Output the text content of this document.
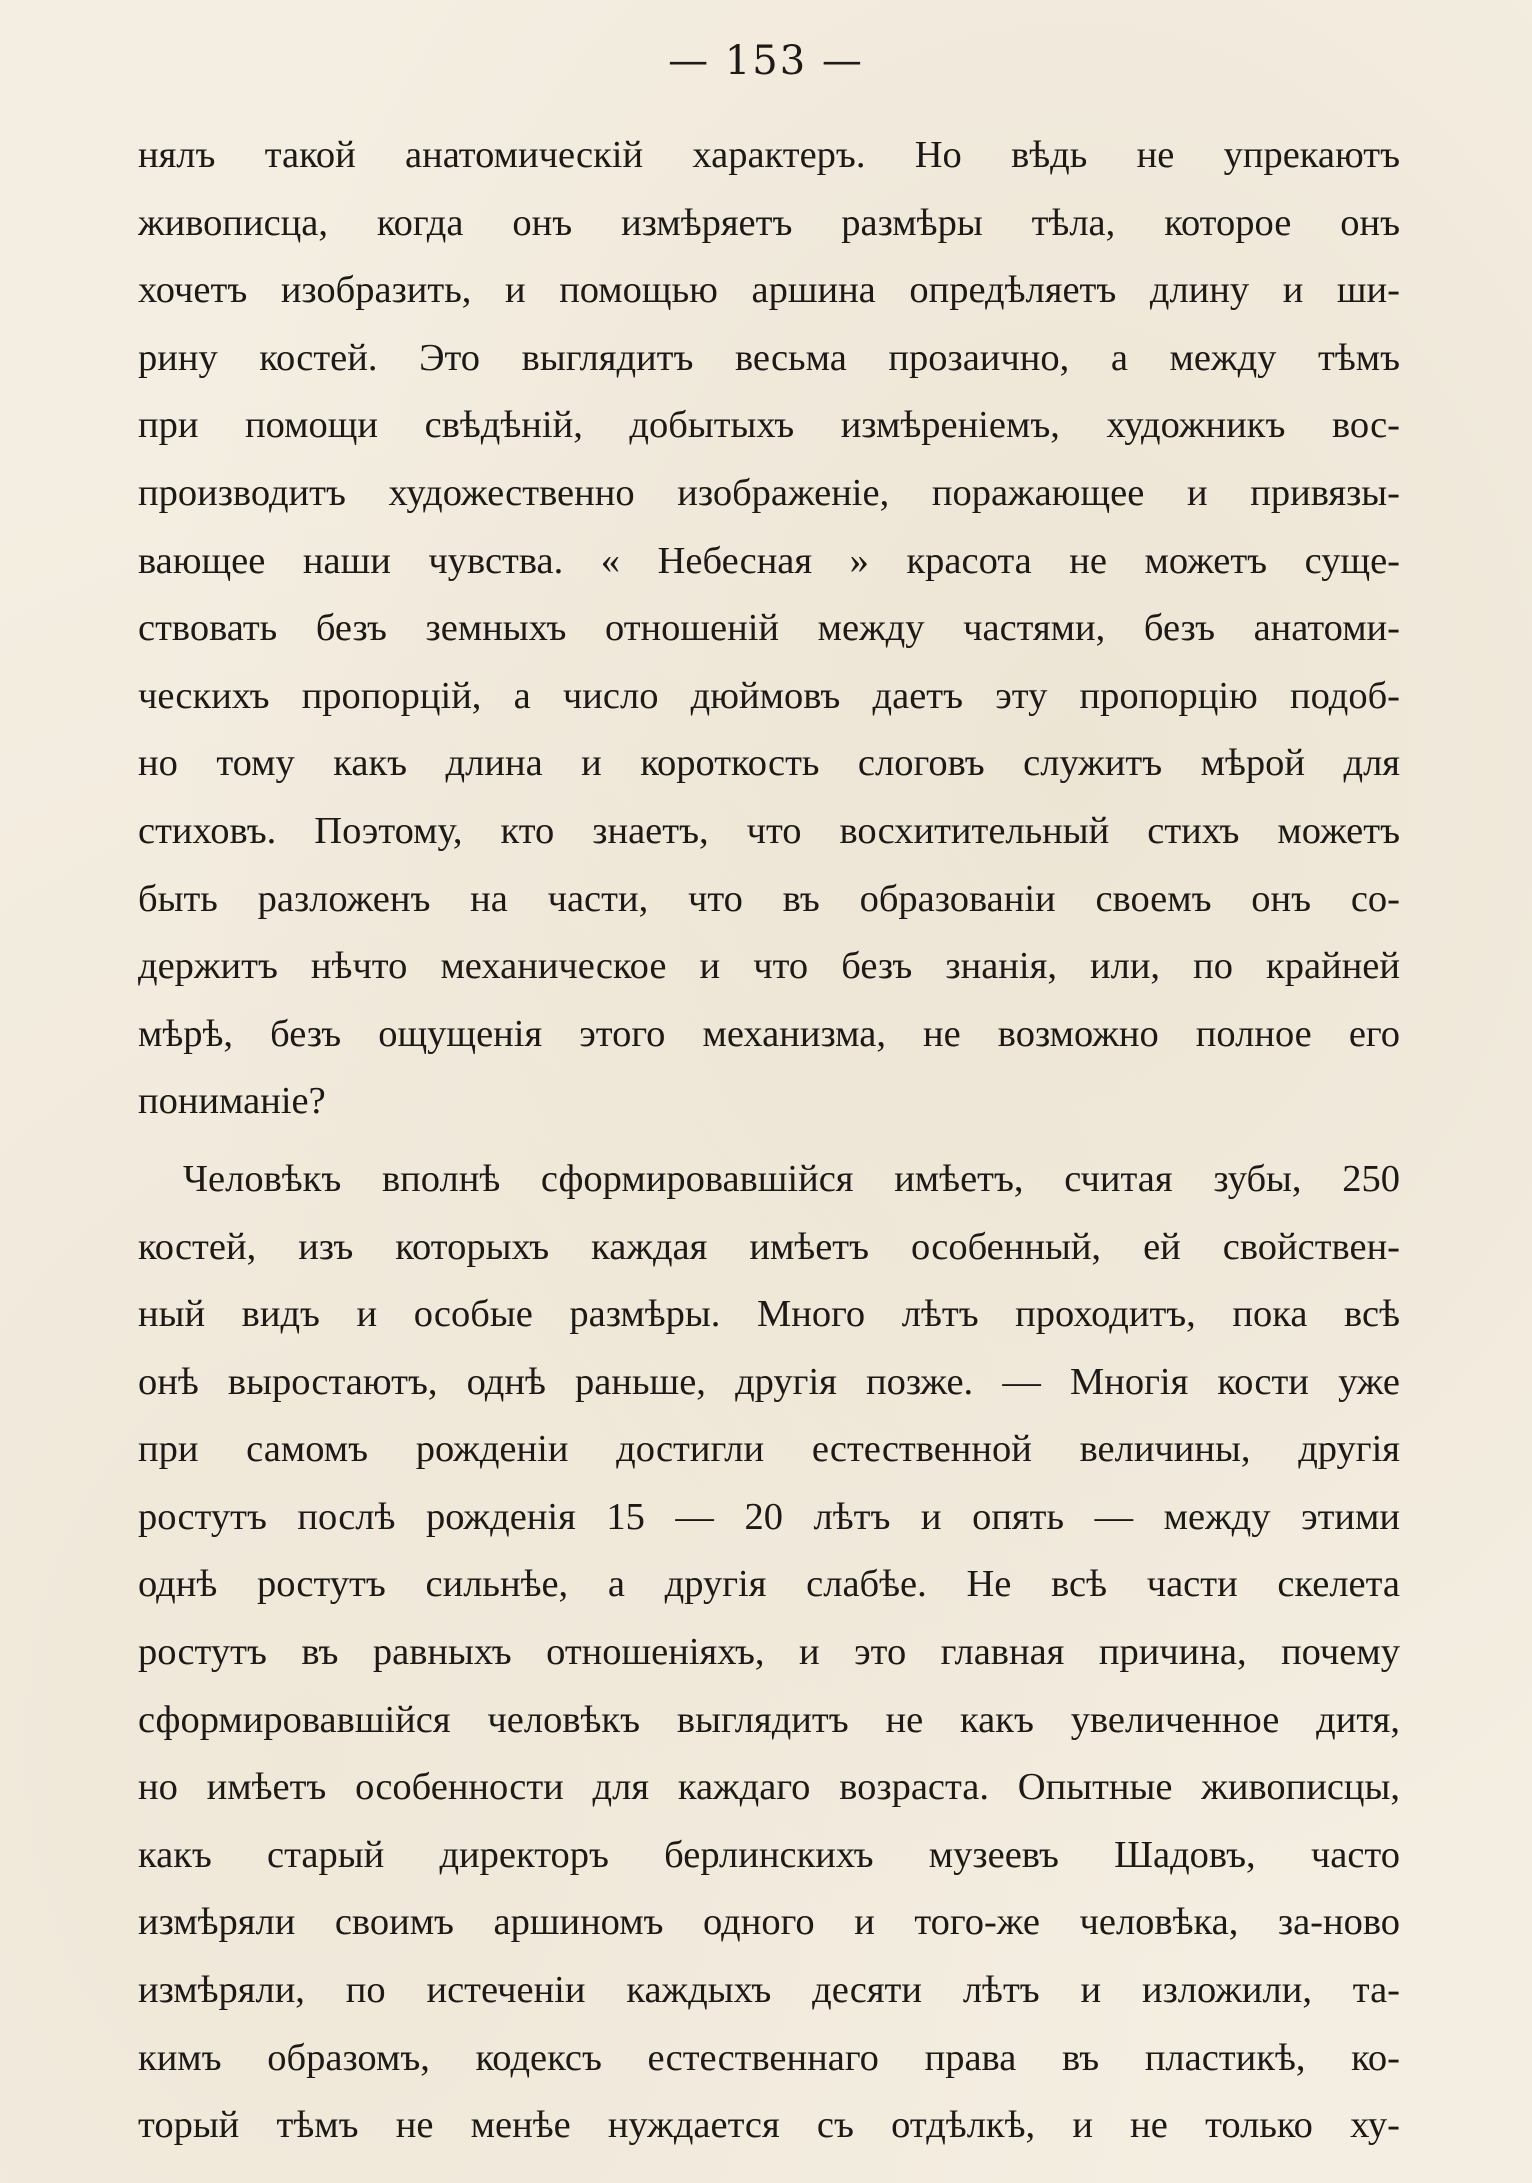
— 153 —
нялъ такой анатомическій характеръ. Но вѣдь не упрекаютъ
живописца, когда онъ измѣряетъ размѣры тѣла, которое онъ
хочетъ изобразить, и помощью аршина опредѣляетъ длину и ши-
рину костей. Это выглядитъ весьма прозаично, а между тѣмъ
при помощи свѣдѣній, добытыхъ измѣреніемъ, художникъ вос-
производитъ художественно изображеніе, поражающее и привязы-
вающее наши чувства. « Небесная » красота не можетъ суще-
ствовать безъ земныхъ отношеній между частями, безъ анатоми-
ческихъ пропорцій, а число дюймовъ даетъ эту пропорцію подоб-
но тому какъ длина и короткость слоговъ служитъ мѣрой для
стиховъ. Поэтому, кто знаетъ, что восхитительный стихъ можетъ
быть разложенъ на части, что въ образованіи своемъ онъ со-
держитъ нѣчто механическое и что безъ знанія, или, по крайней
мѣрѣ, безъ ощущенія этого механизма, не возможно полное его
пониманіе?
Человѣкъ вполнѣ сформировавшійся имѣетъ, считая зубы, 250
костей, изъ которыхъ каждая имѣетъ особенный, ей свойствен-
ный видъ и особые размѣры. Много лѣтъ проходитъ, пока всѣ
онѣ выростаютъ, однѣ раньше, другія позже. — Многія кости уже
при самомъ рожденіи достигли естественной величины, другія
ростутъ послѣ рожденія 15 — 20 лѣтъ и опять — между этими
однѣ ростутъ сильнѣе, а другія слабѣе. Не всѣ части скелета
ростутъ въ равныхъ отношеніяхъ, и это главная причина, почему
сформировавшійся человѣкъ выглядитъ не какъ увеличенное дитя,
но имѣетъ особенности для каждаго возраста. Опытные живописцы,
какъ старый директоръ берлинскихъ музеевъ Шадовъ, часто
измѣряли своимъ аршиномъ одного и того-же человѣка, за-ново
измѣряли, по истеченіи каждыхъ десяти лѣтъ и изложили, та-
кимъ образомъ, кодексъ естественнаго права въ пластикѣ, ко-
торый тѣмъ не менѣе нуждается съ отдѣлкѣ, и не только ху-
